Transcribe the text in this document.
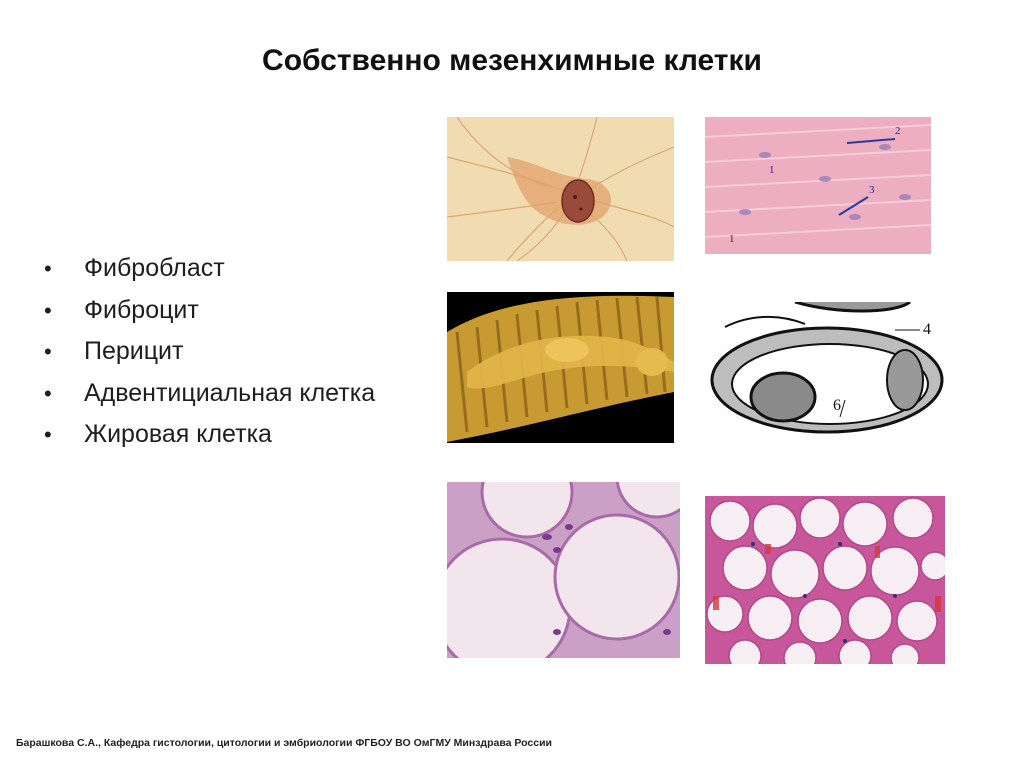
Собственно мезенхимные клетки
• Фибробласт
• Фиброцит
• Перицит
• Адвентициальная клетка
• Жировая клетка
1
2
3
1
4
6
Барашкова С.А., Кафедра гистологии, цитологии и эмбриологии ФГБОУ ВО ОмГМУ Минздрава России
